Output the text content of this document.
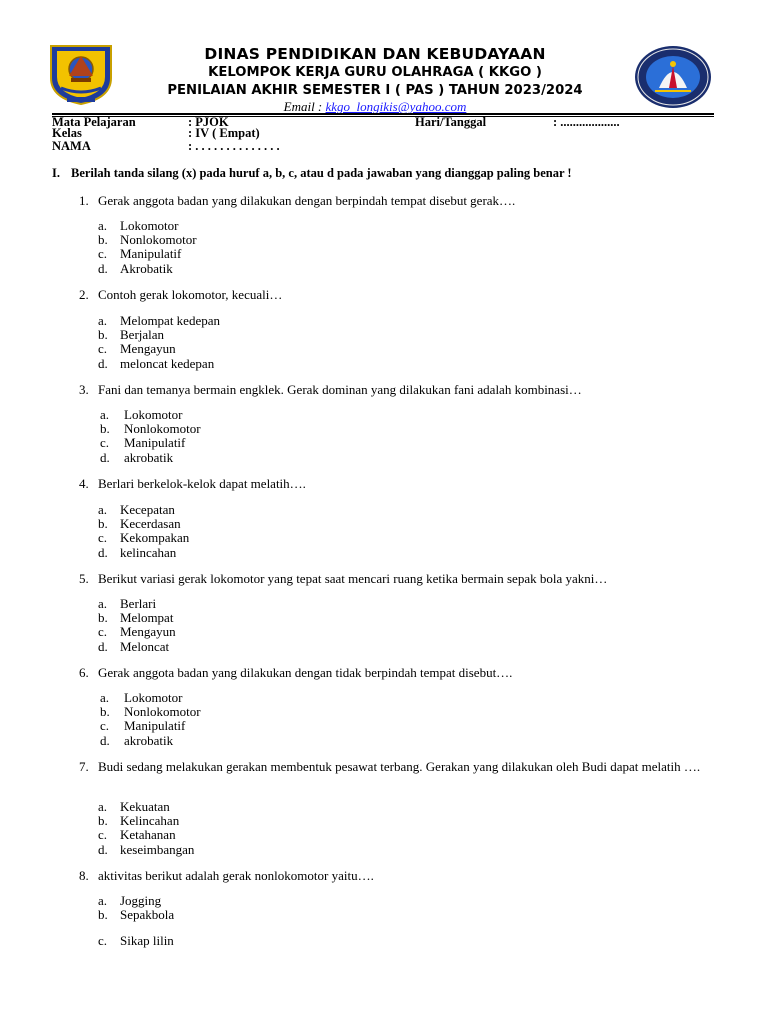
DINAS PENDIDIKAN DAN KEBUDAYAAN
KELOMPOK KERJA GURU OLAHRAGA ( KKGO )
PENILAIAN AKHIR SEMESTER I ( PAS ) TAHUN 2023/2024
Email : kkgo_longikis@yahoo.com
Mata Pelajaran	: PJOK	Hari/Tanggal	: ...................
Kelas	: IV ( Empat)
NAMA	: . . . . . . . . . . . . . .
I. Berilah tanda silang (x) pada huruf a, b, c, atau d pada jawaban yang dianggap paling benar !
1. Gerak anggota badan yang dilakukan dengan berpindah tempat disebut gerak….
a. Lokomotor
b. Nonlokomotor
c. Manipulatif
d. Akrobatik
2. Contoh gerak lokomotor, kecuali…
a. Melompat kedepan
b. Berjalan
c. Mengayun
d. meloncat kedepan
3. Fani dan temanya bermain engklek. Gerak dominan yang dilakukan fani adalah kombinasi…
a. Lokomotor
b. Nonlokomotor
c. Manipulatif
d. akrobatik
4. Berlari berkelok-kelok dapat melatih….
a. Kecepatan
b. Kecerdasan
c. Kekompakan
d. kelincahan
5. Berikut variasi gerak lokomotor yang tepat saat mencari ruang ketika bermain sepak bola yakni…
a. Berlari
b. Melompat
c. Mengayun
d. Meloncat
6. Gerak anggota badan yang dilakukan dengan tidak berpindah tempat disebut….
a. Lokomotor
b. Nonlokomotor
c. Manipulatif
d. akrobatik
7. Budi sedang melakukan gerakan membentuk pesawat terbang. Gerakan yang dilakukan oleh Budi dapat melatih ….
a. Kekuatan
b. Kelincahan
c. Ketahanan
d. keseimbangan
8. aktivitas berikut adalah gerak nonlokomotor yaitu….
a. Jogging
b. Sepakbola
c. Sikap lilin
